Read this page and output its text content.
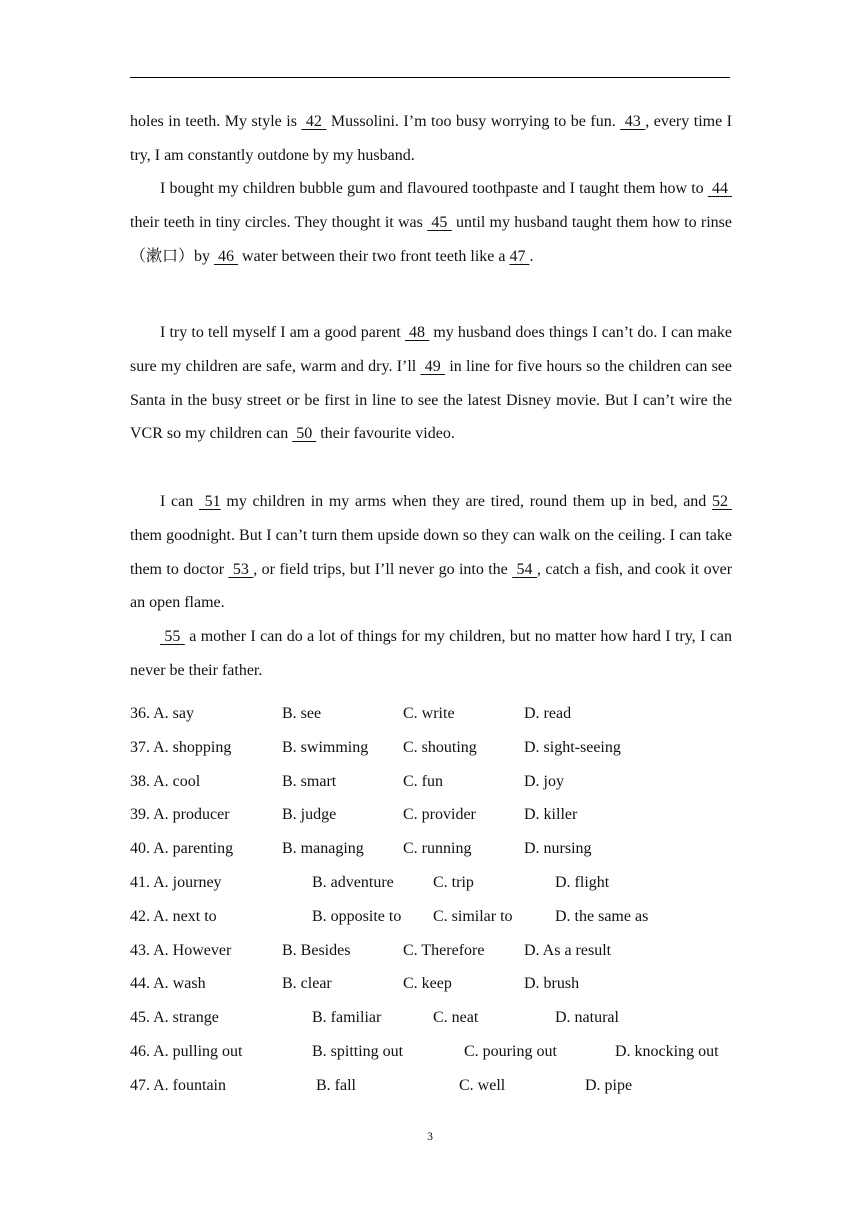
holes in teeth. My style is  42  Mussolini. I’m too busy worrying to be fun.  43 , every time I try, I am constantly outdone by my husband.

I bought my children bubble gum and flavoured toothpaste and I taught them how to  44  their teeth in tiny circles. They thought it was  45  until my husband taught them how to rinse（漱口）by  46  water between their two front teeth like a 47 .

I try to tell myself I am a good parent  48  my husband does things I can’t do. I can make sure my children are safe, warm and dry. I’ll  49  in line for five hours so the children can see Santa in the busy street or be first in line to see the latest Disney movie. But I can’t wire the VCR so my children can  50  their favourite video.

I can  51 my children in my arms when they are tired, round them up in bed, and 52  them goodnight. But I can’t turn them upside down so they can walk on the ceiling. I can take them to doctor  53 , or field trips, but I’ll never go into the  54 , catch a fish, and cook it over an open flame.

55  a mother I can do a lot of things for my children, but no matter how hard I try, I can never be their father.

36. A. say	B. see	C. write	D. read
37. A. shopping	B. swimming C. shouting	D. sight-seeing
38. A. cool	B. smart	C. fun	D. joy
39. A. producer	B. judge	C. provider	D. killer
40. A. parenting	B. managing C. running	D. nursing
41. A. journey	B. adventure C. trip	D. flight
42. A. next to	B. opposite to C. similar to	D. the same as
43. A. However	B. Besides	C. Therefore D. As a result
44. A. wash	B. clear	C. keep	D. brush
45. A. strange	B. familiar	C. neat	D. natural
46. A. pulling out	B. spitting out	C. pouring out	D. knocking out
47. A. fountain	B. fall	C. well	D. pipe
3
